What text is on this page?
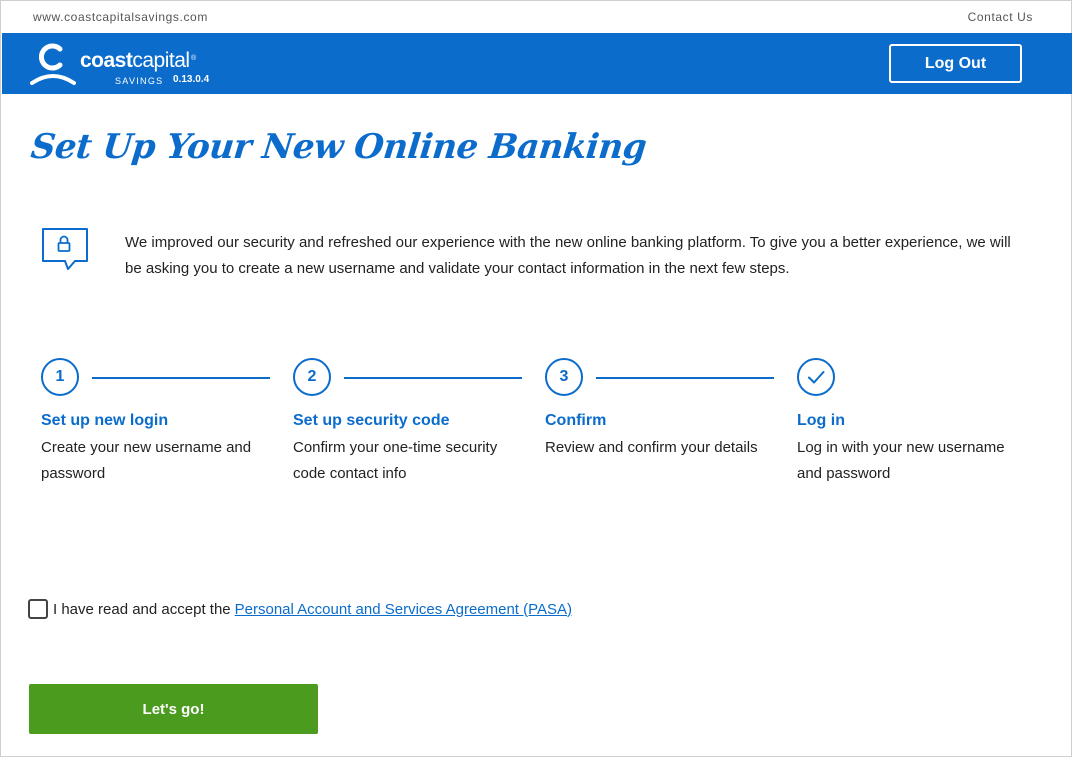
www.coastcapitalsavings.com	Contact Us
coastcapital ®
SAVINGS 0.13.0.4
Log Out
Set Up Your New Online Banking

We improved our security and refreshed our experience with the new online banking platform. To give you a better experience, we will be asking you to create a new username and validate your contact information in the next few steps.

1
Set up new login
Create your new username and password
2
Set up security code
Confirm your one-time security code contact info
3
Confirm
Review and confirm your details
Log in
Log in with your new username and password
I have read and accept the Personal Account and Services Agreement (PASA)
Let's go!
